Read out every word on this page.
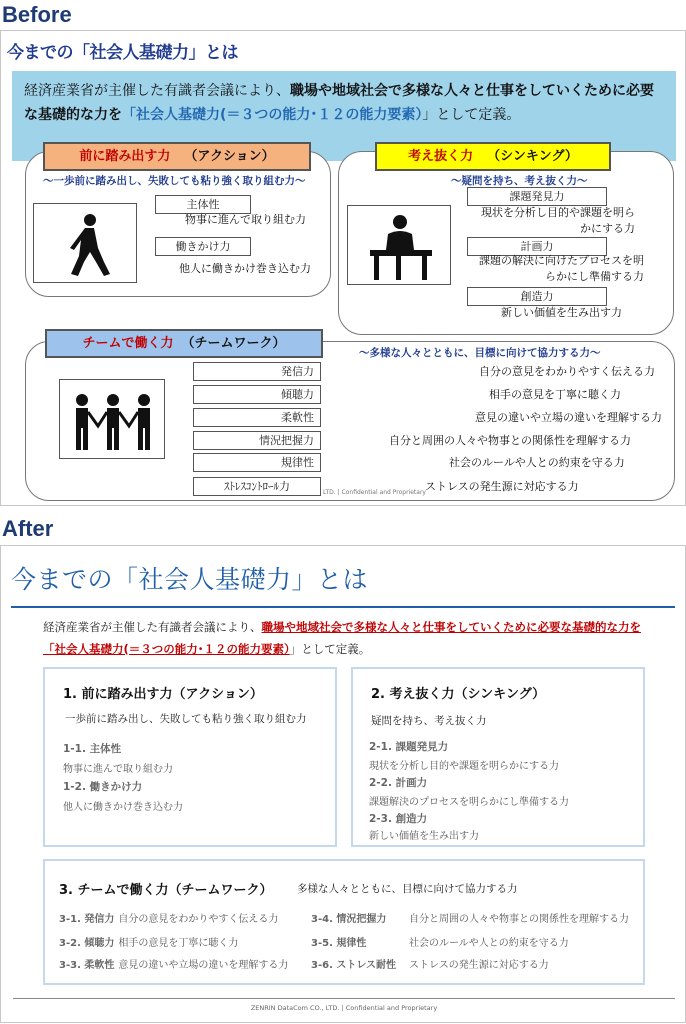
Before
今までの「社会人基礎力」とは
経済産業省が主催した有識者会議により、職場や地域社会で多様な人々と仕事をしていくために必要な基礎的な力を「社会人基礎力(＝３つの能力･１２の能力要素）」として定義。
前に踏み出す力 （アクション）
～一歩前に踏み出し、失敗しても粘り強く取り組む力～
主体性
物事に進んで取り組む力
働きかけ力
他人に働きかけ巻き込む力
考え抜く力 （シンキング）
～疑問を持ち、考え抜く力～
課題発見力
現状を分析し目的や課題を明ら
かにする力
計画力
課題の解決に向けたプロセスを明
らかにし準備する力
創造力
新しい価値を生み出す力
チームで働く力 （チームワーク）
～多様な人々とともに、目標に向けて協力する力～
発信力	自分の意見をわかりやすく伝える力
傾聴力	相手の意見を丁寧に聴く力
柔軟性	意見の違いや立場の違いを理解する力
情況把握力	自分と周囲の人々や物事との関係性を理解する力
規律性	社会のルールや人との約束を守る力
ｽﾄﾚｽｺﾝﾄﾛｰﾙ力	LTD. | Confidential and Proprietary ストレスの発生源に対応する力
After
今までの「社会人基礎力」とは
経済産業省が主催した有識者会議により、職場や地域社会で多様な人々と仕事をしていくために必要な基礎的な力を「社会人基礎力(＝３つの能力･１２の能力要素）」として定義。
1. 前に踏み出す力（アクション）
一歩前に踏み出し、失敗しても粘り強く取り組む力
1-1. 主体性
物事に進んで取り組む力
1-2. 働きかけ力
他人に働きかけ巻き込む力
2. 考え抜く力（シンキング）
疑問を持ち、考え抜く力
2-1. 課題発見力
現状を分析し目的や課題を明らかにする力
2-2. 計画力
課題解決のプロセスを明らかにし準備する力
2-3. 創造力
新しい価値を生み出す力
3. チームで働く力（チームワーク） 多様な人々とともに、目標に向けて協力する力
3-1. 発信力 自分の意見をわかりやすく伝える力
3-2. 傾聴力 相手の意見を丁寧に聴く力
3-3. 柔軟性 意見の違いや立場の違いを理解する力
3-4. 情況把握力 自分と周囲の人々や物事との関係性を理解する力
3-5. 規律性	社会のルールや人との約束を守る力
3-6. ストレス耐性 ストレスの発生源に対応する力
ZENRIN DataCom CO., LTD. | Confidential and Proprietary
